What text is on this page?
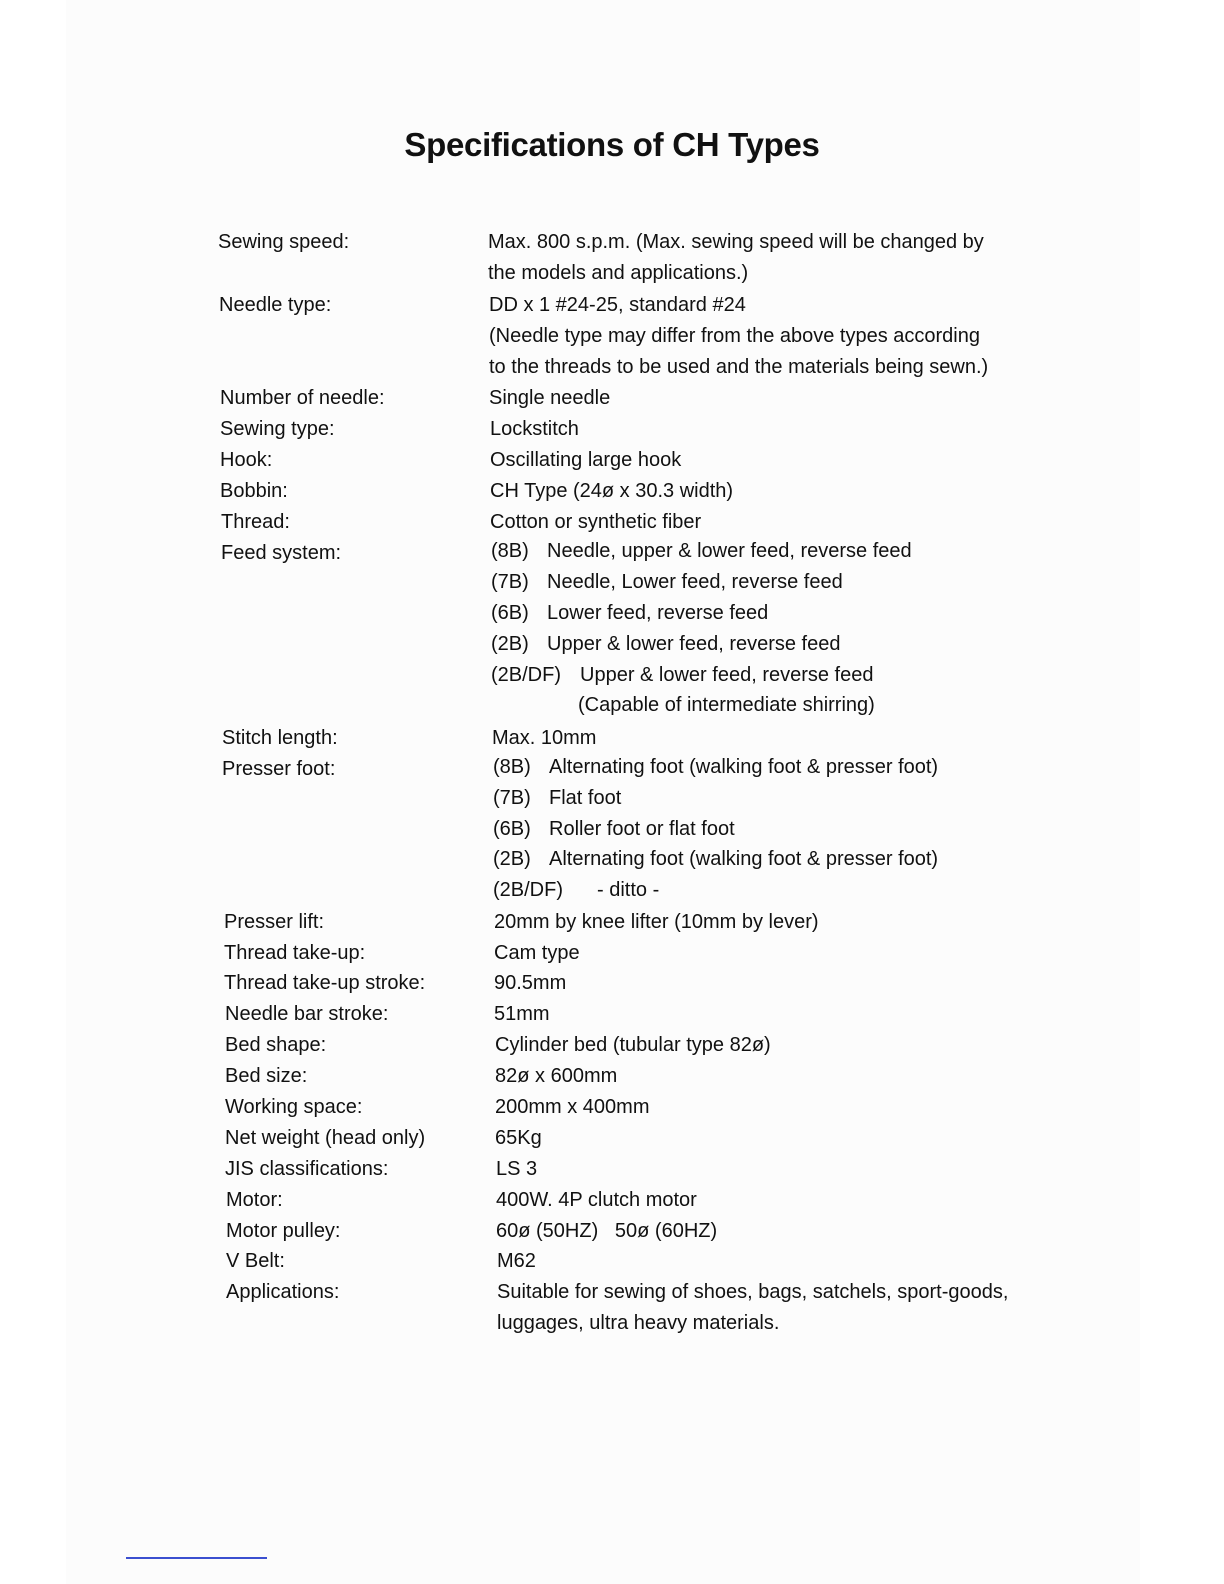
Specifications of CH Types
Sewing speed:	Max. 800 s.p.m. (Max. sewing speed will be changed by
the models and applications.)
Needle type:	DD x 1 #24-25, standard #24
(Needle type may differ from the above types according
to the threads to be used and the materials being sewn.)
Number of needle:	Single needle
Sewing type:	Lockstitch
Hook:	Oscillating large hook
Bobbin:	CH Type (24ø x 30.3 width)
Thread:	Cotton or synthetic fiber
Feed system:	(8B) Needle, upper & lower feed, reverse feed
(7B) Needle, Lower feed, reverse feed
(6B) Lower feed, reverse feed
(2B) Upper & lower feed, reverse feed
(2B/DF) Upper & lower feed, reverse feed
(Capable of intermediate shirring)
Stitch length:	Max. 10mm
Presser foot:	(8B) Alternating foot (walking foot & presser foot)
(7B) Flat foot
(6B) Roller foot or flat foot
(2B) Alternating foot (walking foot & presser foot)
(2B/DF) - ditto -
Presser lift:	20mm by knee lifter (10mm by lever)
Thread take-up:	Cam type
Thread take-up stroke:	90.5mm
Needle bar stroke:	51mm
Bed shape:	Cylinder bed (tubular type 82ø)
Bed size:	82ø x 600mm
Working space:	200mm x 400mm
Net weight (head only)	65Kg
JIS classifications:	LS 3
Motor:	400W. 4P clutch motor
Motor pulley:	60ø (50HZ)   50ø (60HZ)
V Belt:	M62
Applications:	Suitable for sewing of shoes, bags, satchels, sport-goods,
luggages, ultra heavy materials.
